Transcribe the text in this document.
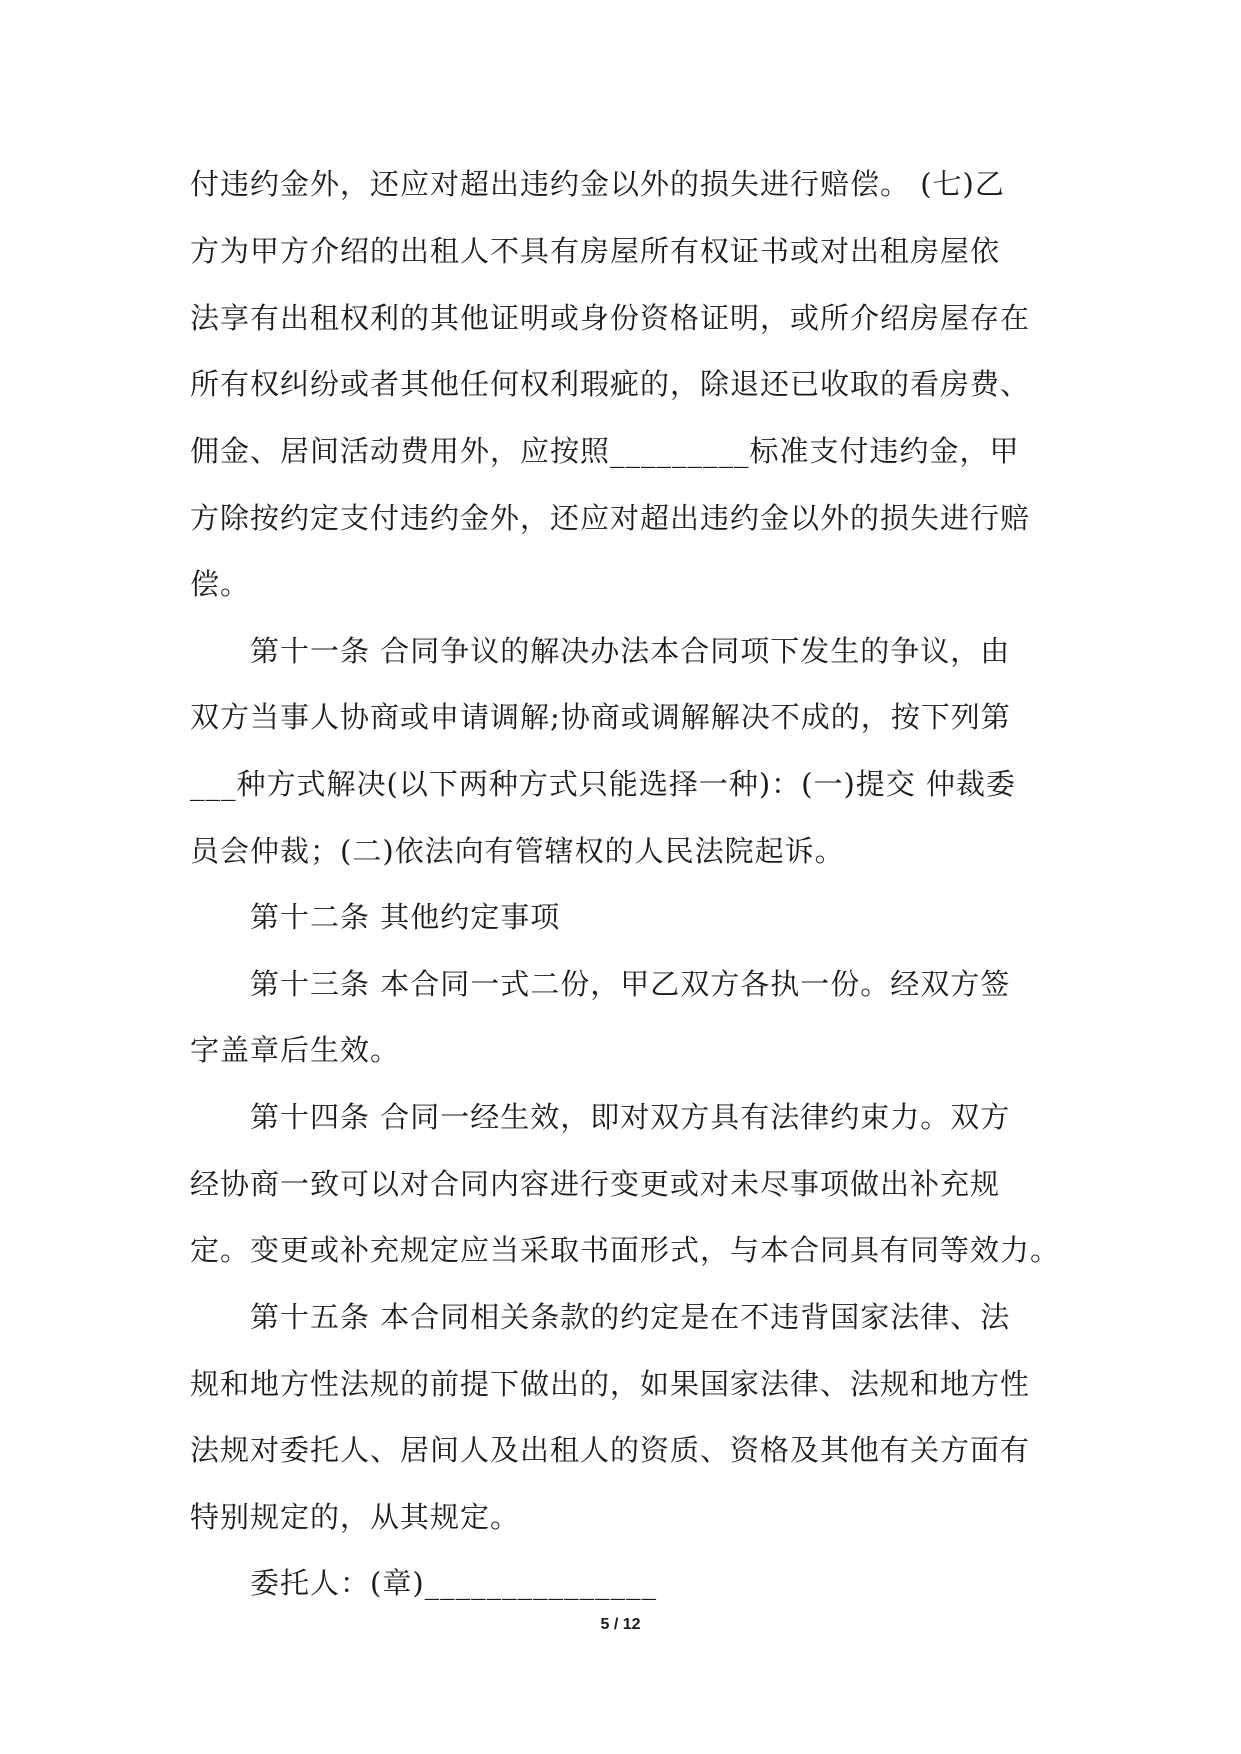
付违约金外，还应对超出违约金以外的损失进行赔偿。 (七)乙
方为甲方介绍的出租人不具有房屋所有权证书或对出租房屋依
法享有出租权利的其他证明或身份资格证明，或所介绍房屋存在
所有权纠纷或者其他任何权利瑕疵的，除退还已收取的看房费、
佣金、居间活动费用外，应按照_________标准支付违约金，甲
方除按约定支付违约金外，还应对超出违约金以外的损失进行赔
偿。
第十一条 合同争议的解决办法本合同项下发生的争议，由
双方当事人协商或申请调解;协商或调解解决不成的，按下列第
___种方式解决(以下两种方式只能选择一种)：(一)提交 仲裁委
员会仲裁；(二)依法向有管辖权的人民法院起诉。
第十二条 其他约定事项
第十三条 本合同一式二份，甲乙双方各执一份。经双方签
字盖章后生效。
第十四条 合同一经生效，即对双方具有法律约束力。双方
经协商一致可以对合同内容进行变更或对未尽事项做出补充规
定。变更或补充规定应当采取书面形式，与本合同具有同等效力。
第十五条 本合同相关条款的约定是在不违背国家法律、法
规和地方性法规的前提下做出的，如果国家法律、法规和地方性
法规对委托人、居间人及出租人的资质、资格及其他有关方面有
特别规定的，从其规定。
委托人：(章)_______________
5 / 12
